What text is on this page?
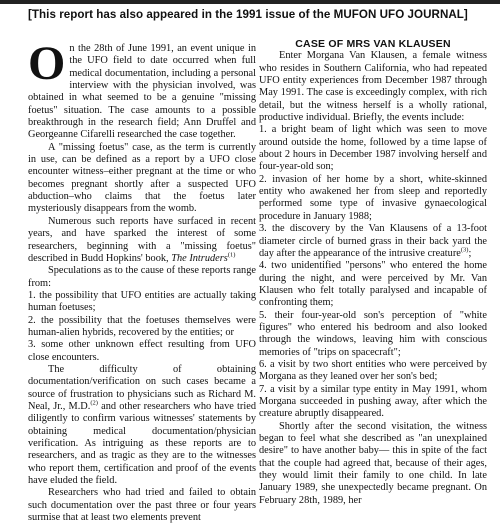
[This report has also appeared in the 1991 issue of the MUFON UFO JOURNAL]

On the 28th of June 1991, an event unique in the UFO field to date occurred when full medical documentation, including a personal interview with the physician involved, was obtained in what seemed to be a genuine "missing foetus" situation. The case amounts to a possible breakthrough in the research field; Ann Druffel and Georgeanne Cifarelli researched the case together.

A "missing foetus" case, as the term is currently in use, can be defined as a report by a UFO close encounter witness–either pregnant at the time or who becomes pregnant shortly after a suspected UFO abduction–who claims that the foetus later mysteriously disappears from the womb.

Numerous such reports have surfaced in recent years, and have sparked the interest of some researchers, beginning with a "missing foetus" described in Budd Hopkins' book, The Intruders$^{(1)}$

Speculations as to the cause of these reports range from:

1. the possibility that UFO entities are actually taking human foetuses;

2. the possibility that the foetuses themselves were human-alien hybrids, recovered by the entities; or

3. some other unknown effect resulting from UFO close encounters.

The difficulty of obtaining documentation/verification on such cases became a source of frustration to physicians such as Richard M. Neal, Jr., M.D.$^{(2)}$ and other researchers who have tried diligently to confirm various witnesses' statements by obtaining medical documentation/physician verification. As intriguing as these reports are to researchers, and as tragic as they are to the witnesses who report them, certification and proof of the events have eluded the field.

Researchers who had tried and failed to obtain such documentation over the past three or four years surmise that at least two elements prevent

CASE OF MRS VAN KLAUSEN

Enter Morgana Van Klausen, a female witness who resides in Southern California, who had repeated UFO entity experiences from December 1987 through May 1991. The case is exceedingly complex, with rich detail, but the witness herself is a wholly rational, productive individual. Briefly, the events include:

1. a bright beam of light which was seen to move around outside the home, followed by a time lapse of about 2 hours in December 1987 involving herself and four-year-old son;

2. invasion of her home by a short, white-skinned entity who awakened her from sleep and reportedly performed some type of invasive gynaecological procedure in January 1988;

3. the discovery by the Van Klausens of a 13-foot diameter circle of burned grass in their back yard the day after the appearance of the intrusive creature$^{(3)}$;

4. two unidentified "persons" who entered the home during the night, and were perceived by Mr. Van Klausen who felt totally paralysed and incapable of confronting them;

5. their four-year-old son's perception of "white figures" who entered his bedroom and also looked through the windows, leaving him with conscious memories of "trips on spacecraft";

6. a visit by two short entities who were perceived by Morgana as they leaned over her son's bed;

7. a visit by a similar type entity in May 1991, whom Morgana succeeded in pushing away, after which the creature abruptly disappeared.

Shortly after the second visitation, the witness began to feel what she described as "an unexplained desire" to have another baby— this in spite of the fact that the couple had agreed that, because of their ages, they would limit their family to one child. In late January 1989, she unexpectedly became pregnant. On February 28th, 1989, her
